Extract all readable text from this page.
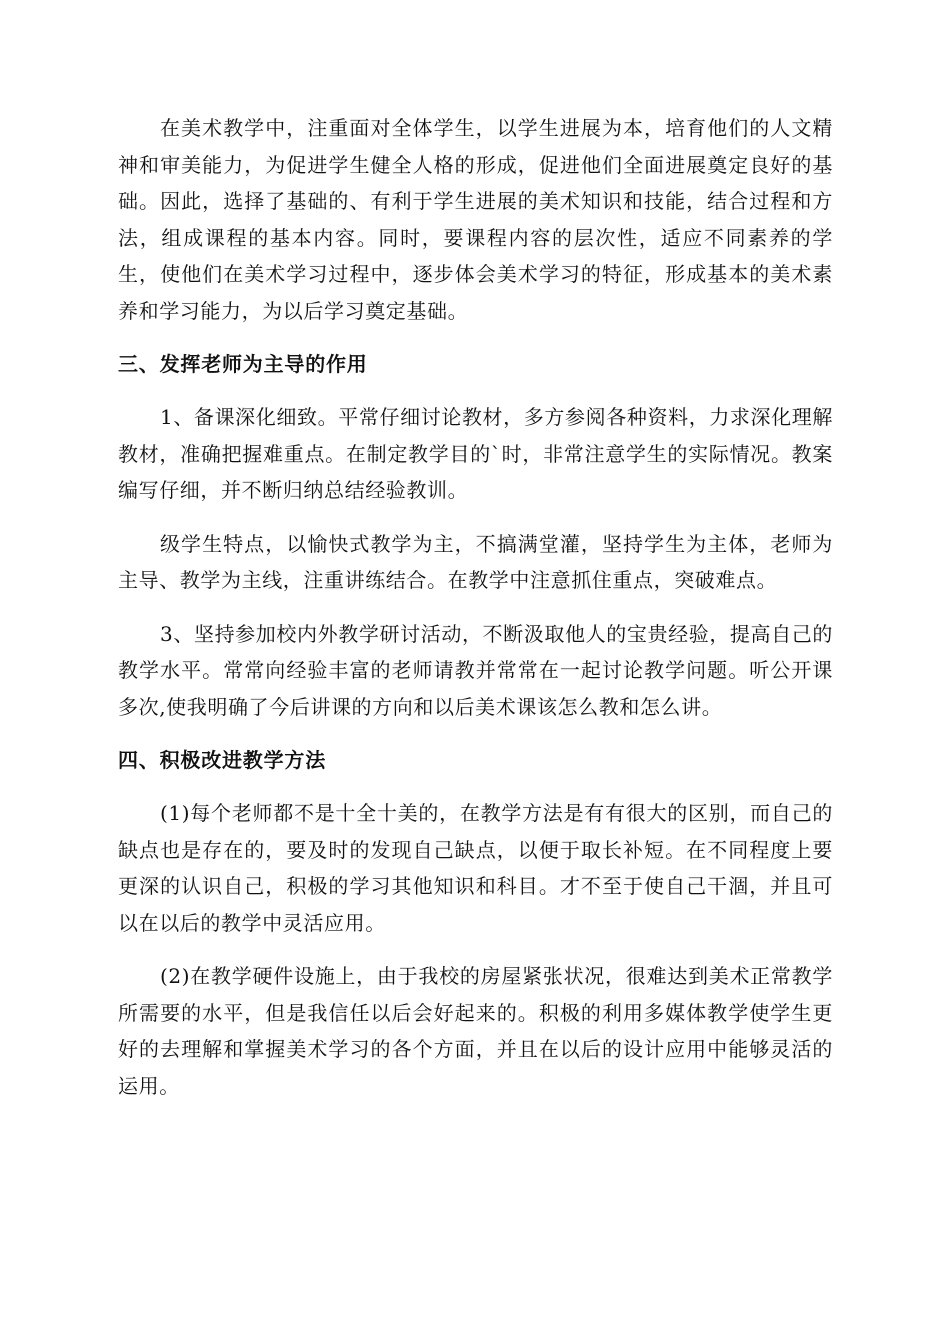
在美术教学中，注重面对全体学生，以学生进展为本，培育他们的人文精神和审美能力，为促进学生健全人格的形成，促进他们全面进展奠定良好的基础。因此，选择了基础的、有利于学生进展的美术知识和技能，结合过程和方法，组成课程的基本内容。同时，要课程内容的层次性，适应不同素养的学生，使他们在美术学习过程中，逐步体会美术学习的特征，形成基本的美术素养和学习能力，为以后学习奠定基础。

三、发挥老师为主导的作用

1、备课深化细致。平常仔细讨论教材，多方参阅各种资料，力求深化理解教材，准确把握难重点。在制定教学目的`时，非常注意学生的实际情况。教案编写仔细，并不断归纳总结经验教训。

级学生特点，以愉快式教学为主，不搞满堂灌，坚持学生为主体，老师为主导、教学为主线，注重讲练结合。在教学中注意抓住重点，突破难点。

3、坚持参加校内外教学研讨活动，不断汲取他人的宝贵经验，提高自己的教学水平。常常向经验丰富的老师请教并常常在一起讨论教学问题。听公开课多次,使我明确了今后讲课的方向和以后美术课该怎么教和怎么讲。

四、积极改进教学方法

(1)每个老师都不是十全十美的，在教学方法是有有很大的区别，而自己的缺点也是存在的，要及时的发现自己缺点，以便于取长补短。在不同程度上要更深的认识自己，积极的学习其他知识和科目。才不至于使自己干涸，并且可以在以后的教学中灵活应用。

(2)在教学硬件设施上，由于我校的房屋紧张状况，很难达到美术正常教学所需要的水平，但是我信任以后会好起来的。积极的利用多媒体教学使学生更好的去理解和掌握美术学习的各个方面，并且在以后的设计应用中能够灵活的运用。
